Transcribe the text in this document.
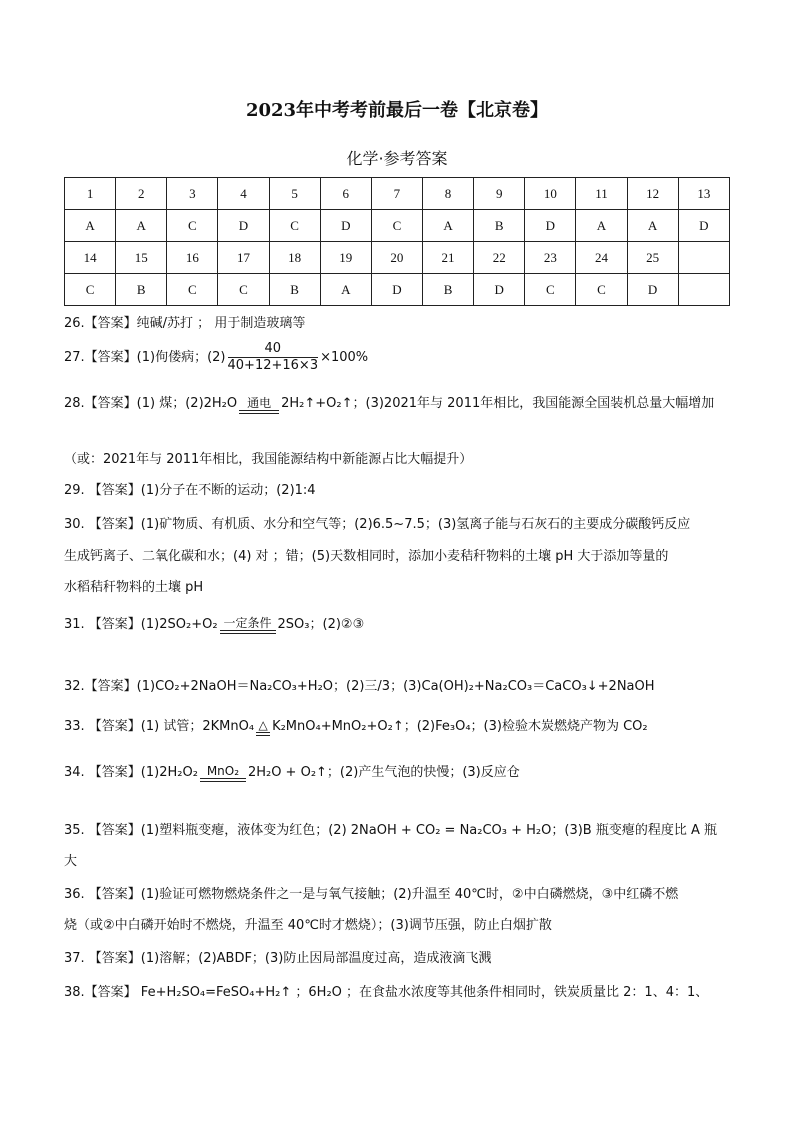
2023年中考考前最后一卷【北京卷】
化学·参考答案
1	2	3	4	5	6	7	8	9	10	11	12	13
A	A	C	D	C	D	C	A	B	D	A	A	D
14	15	16	17	18	19	20	21	22	23	24	25	
C	B	C	C	B	A	D	B	D	C	C	D	
26.【答案】纯碱/苏打 ； 用于制造玻璃等
27.【答案】(1)佝偻病；$(2) \frac{40}{40+12+16\times 3} \times 100\%$
28.【答案】(1) 煤；(2)2H₂O 通电 2H₂↑+O₂↑；(3)2021年与 2011年相比，我国能源全国装机总量大幅增加
（或：2021年与 2011年相比，我国能源结构中新能源占比大幅提升）
29. 【答案】(1)分子在不断的运动；(2)1:4
30. 【答案】(1)矿物质、有机质、水分和空气等；(2)6.5~7.5；(3)氢离子能与石灰石的主要成分碳酸钙反应
生成钙离子、二氧化碳和水；(4) 对 ；错；(5)天数相同时，添加小麦秸秆物料的土壤 pH 大于添加等量的
水稻秸秆物料的土壤 pH
31. 【答案】(1)2SO₂+O₂ 一定条件 2SO₃；(2)②③
32.【答案】(1)CO₂+2NaOH＝Na₂CO₃+H₂O；(2)三/3；(3)Ca(OH)₂+Na₂CO₃＝CaCO₃↓+2NaOH
33. 【答案】(1) 试管；2KMnO₄ △ K₂MnO₄+MnO₂+O₂↑；(2)Fe₃O₄；(3)检验木炭燃烧产物为 CO₂
34. 【答案】(1)2H₂O₂ MnO₂ 2H₂O + O₂↑；(2)产生气泡的快慢；(3)反应仓
35. 【答案】(1)塑料瓶变瘪，液体变为红色；(2) 2NaOH + CO₂ = Na₂CO₃ + H₂O；(3)B 瓶变瘪的程度比 A 瓶
大
36. 【答案】(1)验证可燃物燃烧条件之一是与氧气接触；(2)升温至 40℃时，②中白磷燃烧，③中红磷不燃
烧（或②中白磷开始时不燃烧，升温至 40℃时才燃烧）；(3)调节压强，防止白烟扩散
37. 【答案】(1)溶解；(2)ABDF；(3)防止因局部温度过高，造成液滴飞溅
38.【答案】 Fe+H₂SO₄=FeSO₄+H₂↑ ；6H₂O ；在食盐水浓度等其他条件相同时，铁炭质量比 2：1、4：1、
